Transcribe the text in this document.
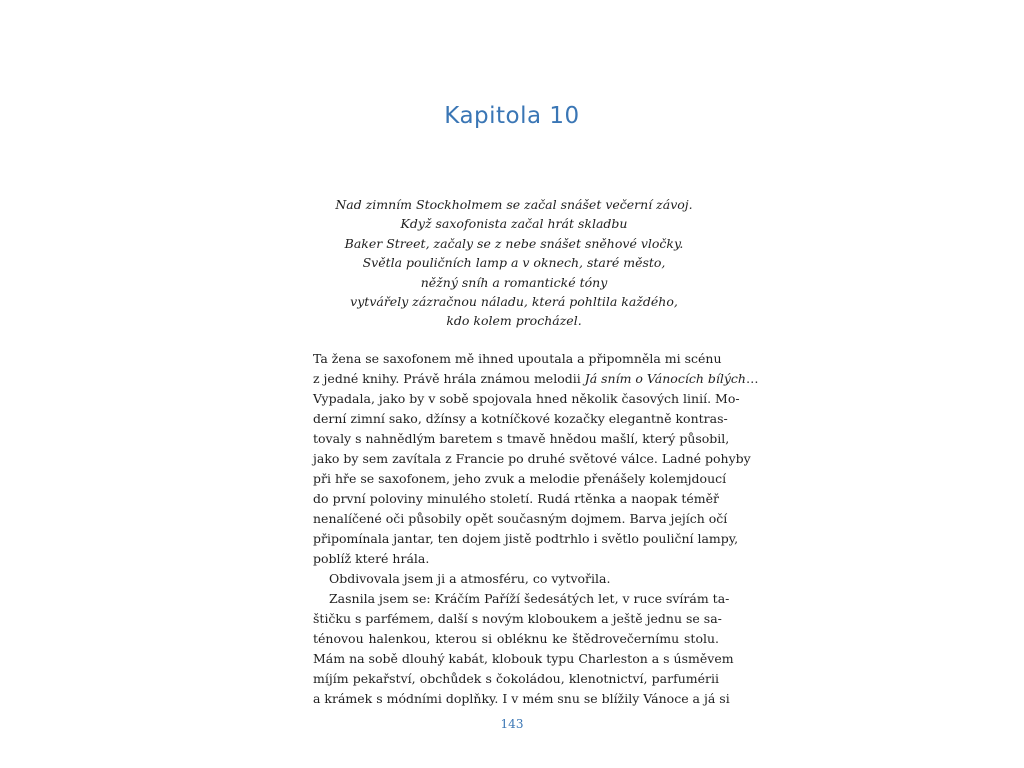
Kapitola 10
Nad zimním Stockholmem se začal snášet večerní závoj.
Když saxofonista začal hrát skladbu
Baker Street, začaly se z nebe snášet sněhové vločky.
Světla pouličních lamp a v oknech, staré město,
něžný sníh a romantické tóny
vytvářely zázračnou náladu, která pohltila každého,
kdo kolem procházel.
Ta žena se saxofonem mě ihned upoutala a připomněla mi scénu
z jedné knihy. Právě hrála známou melodii Já sním o Vánocích bílých…
Vypadala, jako by v sobě spojovala hned několik časových linií. Mo-
derní zimní sako, džínsy a kotníčkové kozačky elegantně kontras-
tovaly s nahnědlým baretem s tmavě hnědou mašlí, který působil,
jako by sem zavítala z Francie po druhé světové válce. Ladné pohyby
při hře se saxofonem, jeho zvuk a melodie přenášely kolemjdoucí
do první poloviny minulého století. Rudá rtěnka a naopak téměř
nenalíčené oči působily opět současným dojmem. Barva jejích očí
připomínala jantar, ten dojem jistě podtrhlo i světlo pouliční lampy,
poblíž které hrála.
Obdivovala jsem ji a atmosféru, co vytvořila.
Zasnila jsem se: Kráčím Paříží šedesátých let, v ruce svírám ta-
štičku s parfémem, další s novým kloboukem a ještě jednu se sa-
ténovou halenkou, kterou si obléknu ke štědrovečernímu stolu.
Mám na sobě dlouhý kabát, klobouk typu Charleston a s úsměvem
míjím pekařství, obchůdek s čokoládou, klenotnictví, parfumérii
a krámek s módními doplňky. I v mém snu se blížily Vánoce a já si
143
